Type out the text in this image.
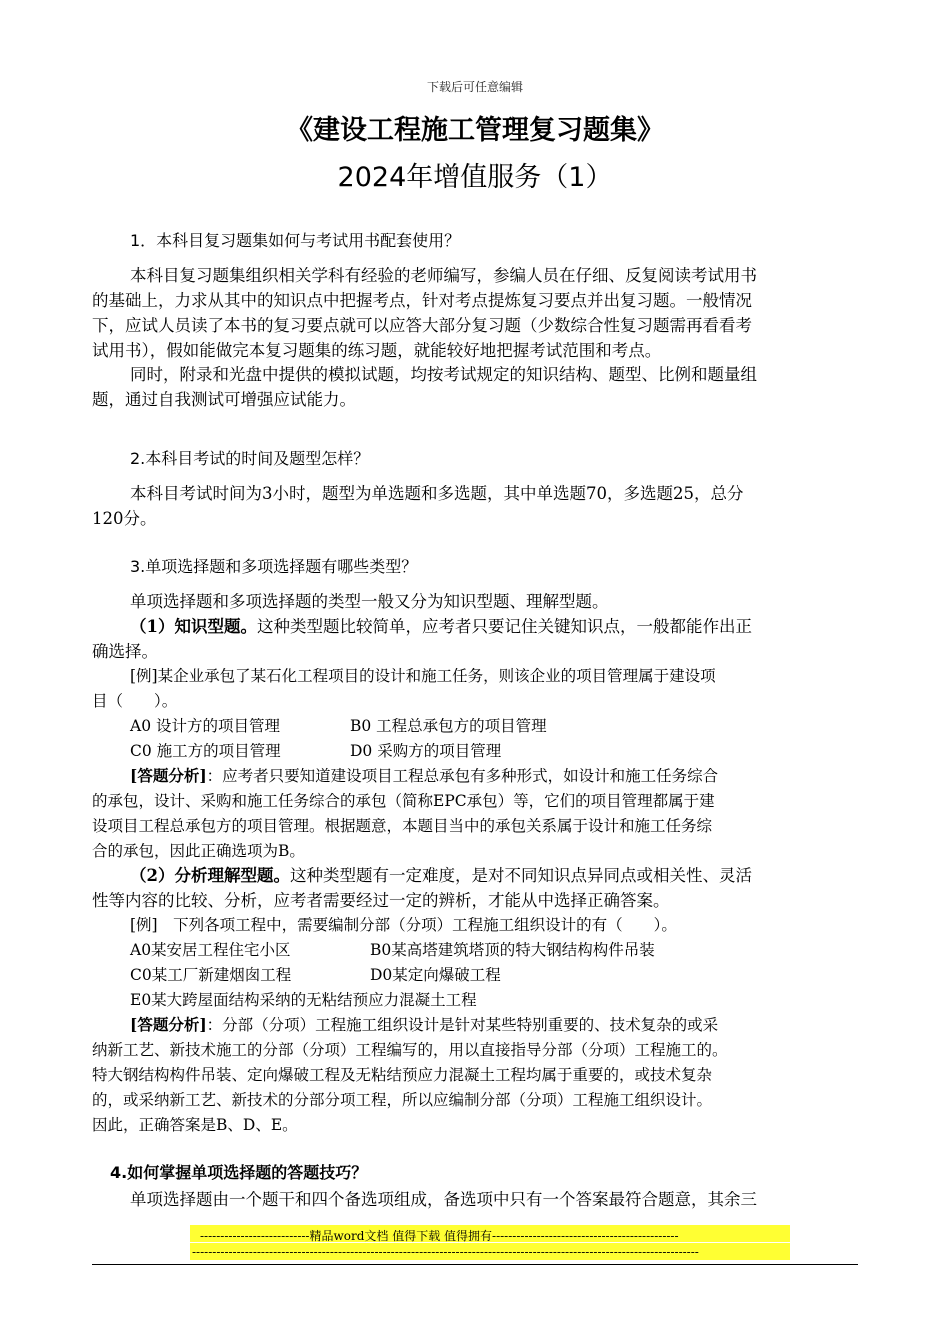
下载后可任意编辑
《建设工程施工管理复习题集》
2024年增值服务（1）
1．本科目复习题集如何与考试用书配套使用？
本科目复习题集组织相关学科有经验的老师编写，参编人员在仔细、反复阅读考试用书
的基础上，力求从其中的知识点中把握考点，针对考点提炼复习要点并出复习题。一般情况
下，应试人员读了本书的复习要点就可以应答大部分复习题（少数综合性复习题需再看看考
试用书），假如能做完本复习题集的练习题，就能较好地把握考试范围和考点。
同时，附录和光盘中提供的模拟试题，均按考试规定的知识结构、题型、比例和题量组
题，通过自我测试可增强应试能力。
2.本科目考试的时间及题型怎样？
本科目考试时间为3小时，题型为单选题和多选题，其中单选题70，多选题25，总分
120分。
3.单项选择题和多项选择题有哪些类型？
单项选择题和多项选择题的类型一般又分为知识型题、理解型题。
（1）知识型题。这种类型题比较简单，应考者只要记住关键知识点，一般都能作出正
确选择。
[例]某企业承包了某石化工程项目的设计和施工任务，则该企业的项目管理属于建设项
目（　　）。
A0 设计方的项目管理	B0 工程总承包方的项目管理
C0 施工方的项目管理	D0 采购方的项目管理
[答题分析]：应考者只要知道建设项目工程总承包有多种形式，如设计和施工任务综合
的承包，设计、采购和施工任务综合的承包（简称EPC承包）等，它们的项目管理都属于建
设项目工程总承包方的项目管理。根据题意，本题目当中的承包关系属于设计和施工任务综
合的承包，因此正确选项为B。
（2）分析理解型题。这种类型题有一定难度，是对不同知识点异同点或相关性、灵活
性等内容的比较、分析，应考者需要经过一定的辨析，才能从中选择正确答案。
[例]　下列各项工程中，需要编制分部（分项）工程施工组织设计的有（　　）。
A0某安居工程住宅小区	B0某高塔建筑塔顶的特大钢结构构件吊装
C0某工厂新建烟囱工程	D0某定向爆破工程
E0某大跨屋面结构采纳的无粘结预应力混凝土工程
[答题分析]：分部（分项）工程施工组织设计是针对某些特别重要的、技术复杂的或采
纳新工艺、新技术施工的分部（分项）工程编写的，用以直接指导分部（分项）工程施工的。
特大钢结构构件吊装、定向爆破工程及无粘结预应力混凝土工程均属于重要的，或技术复杂
的，或采纳新工艺、新技术的分部分项工程，所以应编制分部（分项）工程施工组织设计。
因此，正确答案是B、D、E。
4.如何掌握单项选择题的答题技巧？
单项选择题由一个题干和四个备选项组成，备选项中只有一个答案最符合题意，其余三
---------------------------精品word文档 值得下载 值得拥有----------------------------------------------
-----------------------------------------------------------------------------------------------------------------------------
